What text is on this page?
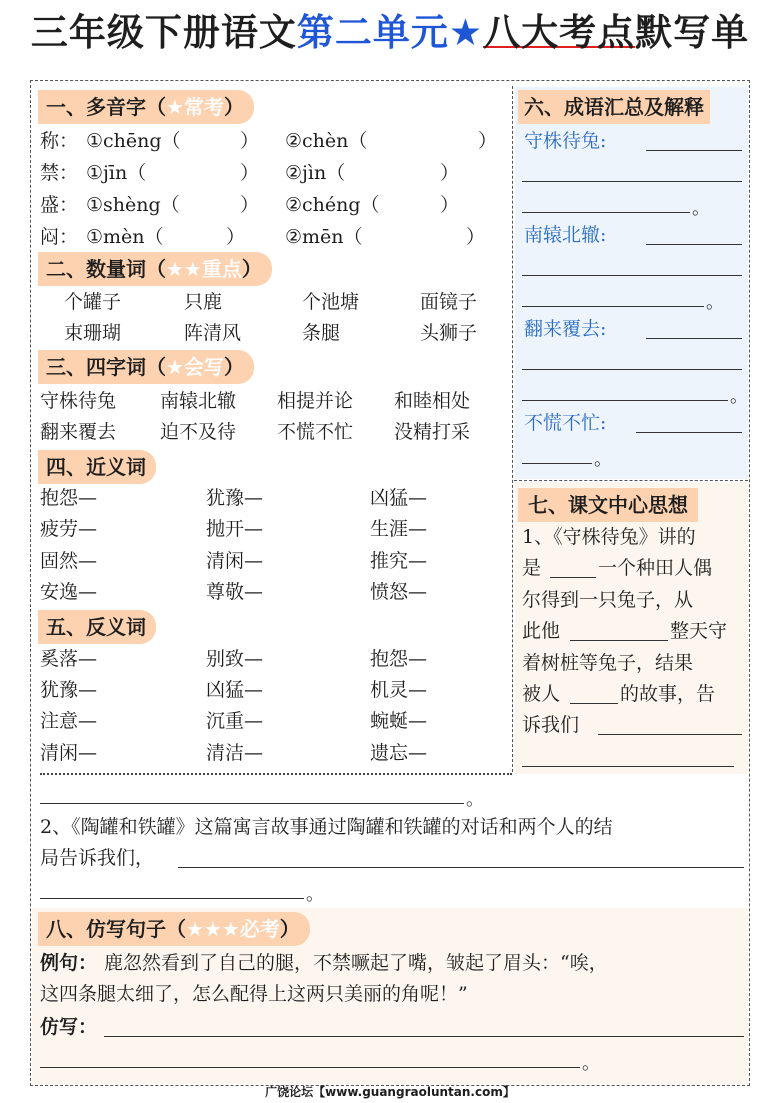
三年级下册语文第二单元★八大考点默写单
一、多音字（★常考）
称： ①chēng（	） ②chèn（	）
禁： ①jīn（	） ②jìn（	）
盛： ①shèng（	） ②chéng（	）
闷： ①mèn（	） ②mēn（	）
二、数量词（★★重点）
个罐子	只鹿	个池塘	面镜子
束珊瑚	阵清风	条腿	头狮子
三、四字词（★会写）
守株待兔 南辕北辙 相提并论 和睦相处
翻来覆去 迫不及待 不慌不忙 没精打采
四、近义词
抱怨—	犹豫—	凶猛—
疲劳—	抛开—	生涯—
固然—	清闲—	推究—
安逸—	尊敬—	愤怒—
五、反义词
奚落—	别致—	抱怨—
犹豫—	凶猛—	机灵—
注意—	沉重—	蜿蜒—
清闲—	清洁—	遗忘—
六、成语汇总及解释
守株待兔:
。
南辕北辙:
。
翻来覆去:
。
不慌不忙:
。
七、课文中心思想
1、《守株待兔》讲的
是	一个种田人偶
尔得到一只兔子，从
此他	整天守
着树桩等兔子，结果
被人	的故事，告
诉我们
。
2、《陶罐和铁罐》这篇寓言故事通过陶罐和铁罐的对话和两个人的结
局告诉我们，
。
八、仿写句子（★★★必考）
例句： 鹿忽然看到了自己的腿，不禁噘起了嘴，皱起了眉头：“唉，
这四条腿太细了，怎么配得上这两只美丽的角呢！”
仿写：
。
广饶论坛【www.guangraoluntan.com】
